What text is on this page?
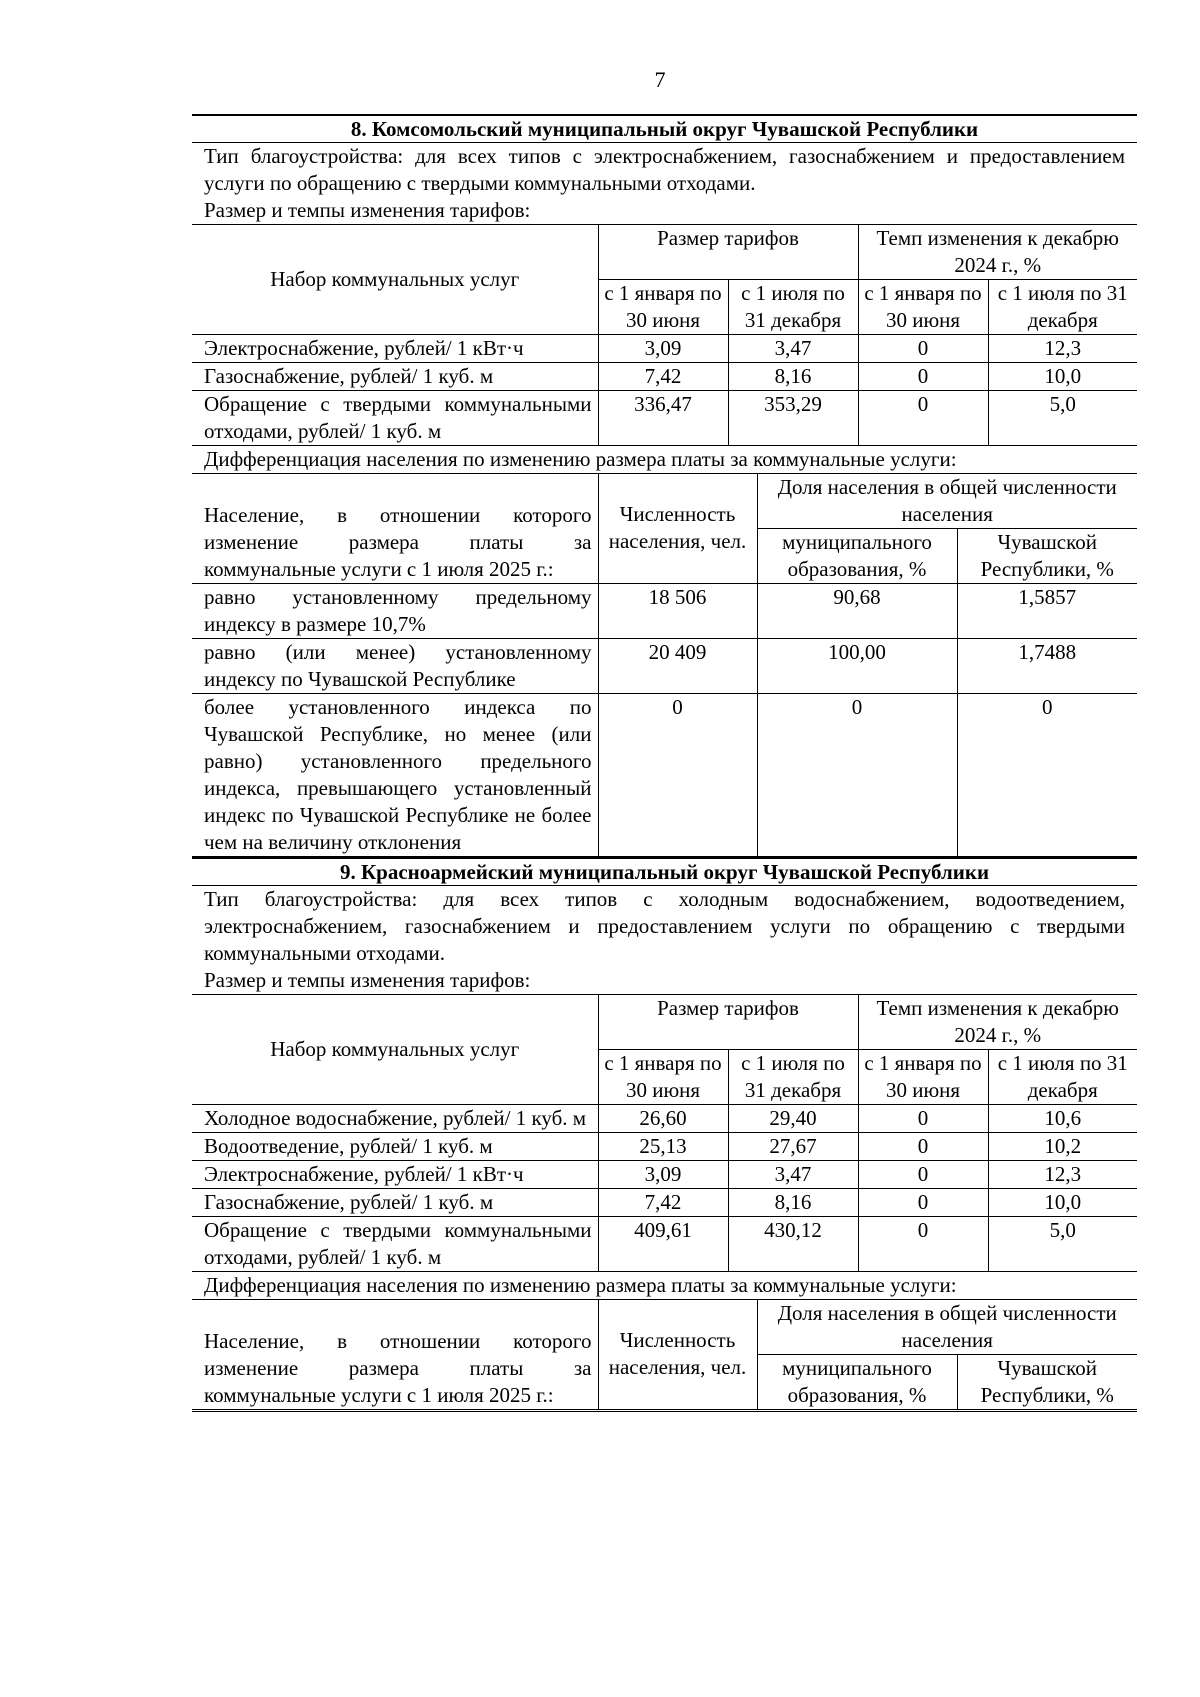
7
8. Комсомольский муниципальный округ Чувашской Республики
Тип благоустройства: для всех типов с электроснабжением, газоснабжением и предоставлением услуги по обращению с твердыми коммунальными отходами.
Размер и темпы изменения тарифов:
Набор коммунальных услуг	Размер тарифов		Темп изменения к декабрю 2024 г., %	
	с 1 января по 30 июня	с 1 июля по 31 декабря	с 1 января по 30 июня	с 1 июля по 31 декабря
Электроснабжение, рублей/ 1 кВт·ч	3,09	3,47	0	12,3
Газоснабжение, рублей/ 1 куб. м	7,42	8,16	0	10,0
Обращение с твердыми коммунальными отходами, рублей/ 1 куб. м	336,47	353,29	0	5,0
Дифференциация населения по изменению размера платы за коммунальные услуги:
Население, в отношении которого изменение размера платы за коммунальные услуги с 1 июля 2025 г.:	Численность населения, чел.	Доля населения в общей численности населения	
		муниципального образования, %	Чувашской Республики, %
равно установленному предельному индексу в размере 10,7%	18 506	90,68	1,5857
равно (или менее) установленному индексу по Чувашской Республике	20 409	100,00	1,7488
более установленного индекса по Чувашской Республике, но менее (или равно) установленного предельного индекса, превышающего установленный индекс по Чувашской Республике не более чем на величину отклонения	0	0	0
9. Красноармейский муниципальный округ Чувашской Республики
Тип благоустройства: для всех типов с холодным водоснабжением, водоотведением, электроснабжением, газоснабжением и предоставлением услуги по обращению с твердыми коммунальными отходами.
Размер и темпы изменения тарифов:
Набор коммунальных услуг	Размер тарифов		Темп изменения к декабрю 2024 г., %	
	с 1 января по 30 июня	с 1 июля по 31 декабря	с 1 января по 30 июня	с 1 июля по 31 декабря
Холодное водоснабжение, рублей/ 1 куб. м	26,60	29,40	0	10,6
Водоотведение, рублей/ 1 куб. м	25,13	27,67	0	10,2
Электроснабжение, рублей/ 1 кВт·ч	3,09	3,47	0	12,3
Газоснабжение, рублей/ 1 куб. м	7,42	8,16	0	10,0
Обращение с твердыми коммунальными отходами, рублей/ 1 куб. м	409,61	430,12	0	5,0
Дифференциация населения по изменению размера платы за коммунальные услуги:
Население, в отношении которого изменение размера платы за коммунальные услуги с 1 июля 2025 г.:	Численность населения, чел.	Доля населения в общей численности населения	
		муниципального образования, %	Чувашской Республики, %
